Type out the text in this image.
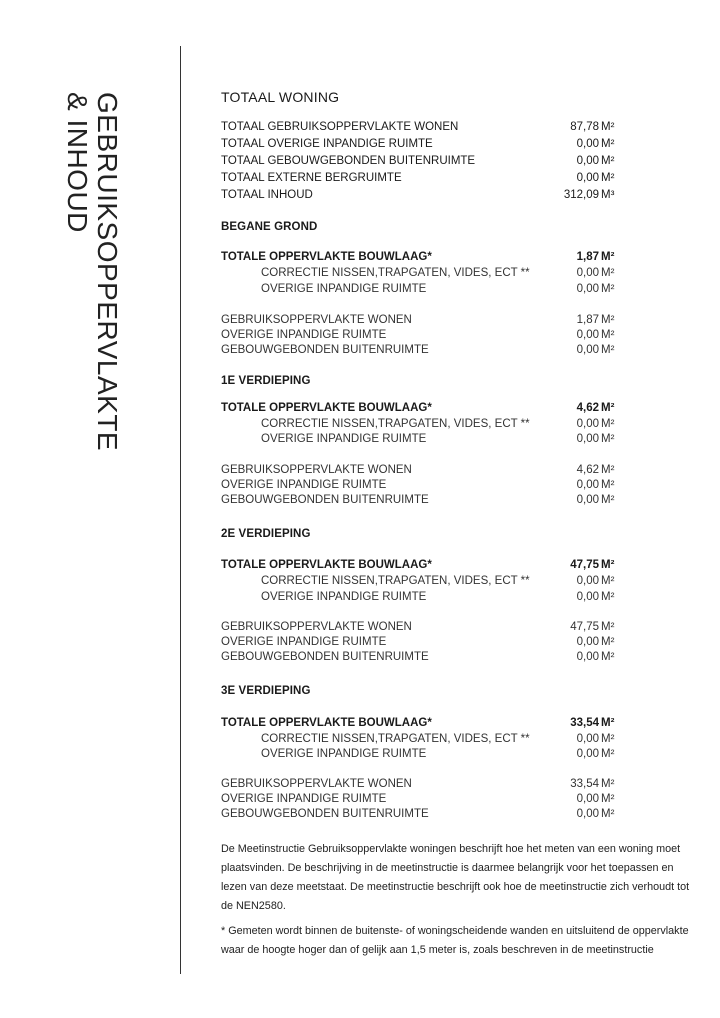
GEBRUIKSOPPERVLAKTE
& INHOUD	TOTAAL WONING
TOTAAL GEBRUIKSOPPERVLAKTE WONEN	87,78 M²
TOTAAL OVERIGE INPANDIGE RUIMTE	0,00 M²
TOTAAL GEBOUWGEBONDEN BUITENRUIMTE	0,00 M²
TOTAAL EXTERNE BERGRUIMTE	0,00 M²
TOTAAL INHOUD	312,09 M³
BEGANE GROND
TOTALE OPPERVLAKTE BOUWLAAG*	1,87 M²
CORRECTIE NISSEN,TRAPGATEN, VIDES, ECT **	0,00 M²
OVERIGE INPANDIGE RUIMTE	0,00 M²
GEBRUIKSOPPERVLAKTE WONEN	1,87 M²
OVERIGE INPANDIGE RUIMTE	0,00 M²
GEBOUWGEBONDEN BUITENRUIMTE	0,00 M²
1E VERDIEPING
TOTALE OPPERVLAKTE BOUWLAAG*	4,62 M²
CORRECTIE NISSEN,TRAPGATEN, VIDES, ECT **	0,00 M²
OVERIGE INPANDIGE RUIMTE	0,00 M²
GEBRUIKSOPPERVLAKTE WONEN	4,62 M²
OVERIGE INPANDIGE RUIMTE	0,00 M²
GEBOUWGEBONDEN BUITENRUIMTE	0,00 M²
2E VERDIEPING
TOTALE OPPERVLAKTE BOUWLAAG*	47,75 M²
CORRECTIE NISSEN,TRAPGATEN, VIDES, ECT **	0,00 M²
OVERIGE INPANDIGE RUIMTE	0,00 M²
GEBRUIKSOPPERVLAKTE WONEN	47,75 M²
OVERIGE INPANDIGE RUIMTE	0,00 M²
GEBOUWGEBONDEN BUITENRUIMTE	0,00 M²
3E VERDIEPING
TOTALE OPPERVLAKTE BOUWLAAG*	33,54 M²
CORRECTIE NISSEN,TRAPGATEN, VIDES, ECT **	0,00 M²
OVERIGE INPANDIGE RUIMTE	0,00 M²
GEBRUIKSOPPERVLAKTE WONEN	33,54 M²
OVERIGE INPANDIGE RUIMTE	0,00 M²
GEBOUWGEBONDEN BUITENRUIMTE	0,00 M²

De Meetinstructie Gebruiksoppervlakte woningen beschrijft hoe het meten van een woning moet plaatsvinden. De beschrijving in de meetinstructie is daarmee belangrijk voor het toepassen en lezen van deze meetstaat. De meetinstructie beschrijft ook hoe de meetinstructie zich verhoudt tot de NEN2580.

* Gemeten wordt binnen de buitenste- of woningscheidende wanden en uitsluitend de oppervlakte waar de hoogte hoger dan of gelijk aan 1,5 meter is, zoals beschreven in de meetinstructie
